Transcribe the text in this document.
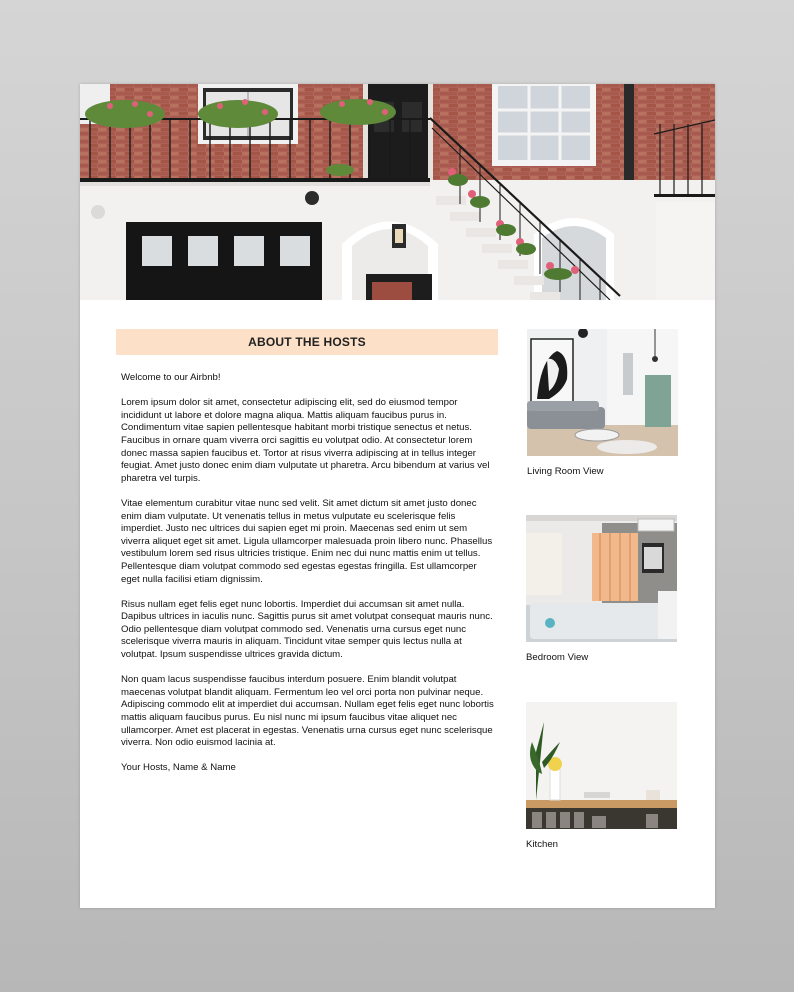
ABOUT THE HOSTS

Welcome to our Airbnb!

Lorem ipsum dolor sit amet, consectetur adipiscing elit, sed do eiusmod tempor incididunt ut labore et dolore magna aliqua. Mattis aliquam faucibus purus in. Condimentum vitae sapien pellentesque habitant morbi tristique senectus et netus. Faucibus in ornare quam viverra orci sagittis eu volutpat odio. At consectetur lorem donec massa sapien faucibus et. Tortor at risus viverra adipiscing at in tellus integer feugiat. Amet justo donec enim diam vulputate ut pharetra. Arcu bibendum at varius vel pharetra vel turpis.

Vitae elementum curabitur vitae nunc sed velit. Sit amet dictum sit amet justo donec enim diam vulputate. Ut venenatis tellus in metus vulputate eu scelerisque felis imperdiet. Justo nec ultrices dui sapien eget mi proin. Maecenas sed enim ut sem viverra aliquet eget sit amet. Ligula ullamcorper malesuada proin libero nunc. Phasellus vestibulum lorem sed risus ultricies tristique. Enim nec dui nunc mattis enim ut tellus. Pellentesque diam volutpat commodo sed egestas egestas fringilla. Est ullamcorper eget nulla facilisi etiam dignissim.

Risus nullam eget felis eget nunc lobortis. Imperdiet dui accumsan sit amet nulla. Dapibus ultrices in iaculis nunc. Sagittis purus sit amet volutpat consequat mauris nunc. Odio pellentesque diam volutpat commodo sed. Venenatis urna cursus eget nunc scelerisque viverra mauris in aliquam. Tincidunt vitae semper quis lectus nulla at volutpat. Ipsum suspendisse ultrices gravida dictum.

Non quam lacus suspendisse faucibus interdum posuere. Enim blandit volutpat maecenas volutpat blandit aliquam. Fermentum leo vel orci porta non pulvinar neque. Adipiscing commodo elit at imperdiet dui accumsan. Nullam eget felis eget nunc lobortis mattis aliquam faucibus purus. Eu nisl nunc mi ipsum faucibus vitae aliquet nec ullamcorper. Amet est placerat in egestas. Venenatis urna cursus eget nunc scelerisque viverra. Non odio euismod lacinia at.

Your Hosts, Name & Name

Living Room View
Bedroom View
Kitchen
